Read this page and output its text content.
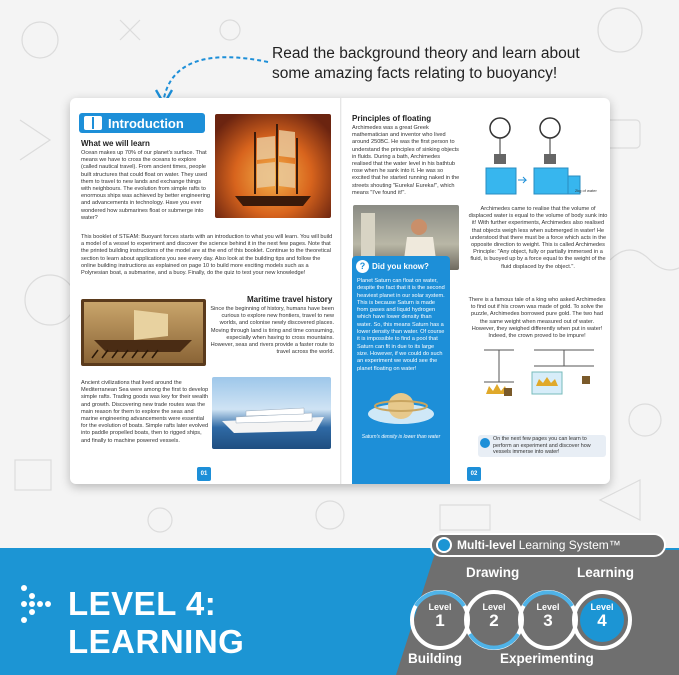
Read the background theory and learn about some amazing facts relating to buoyancy!
Introduction
What we will learn
Ocean makes up 70% of our planet's surface. That means we have to cross the oceans to explore (called nautical travel). From ancient times, people built structures that could float on water. They used them to travel to new lands and exchange things with neighbours. The evolution from simple rafts to enormous ships was achieved by better engineering and advancements in technology. Have you ever wondered how submarines float or submerge into water?
This booklet of STEAM: Buoyant forces starts with an introduction to what you will learn. You will build a model of a vessel to experiment and discover the science behind it in the next few pages. Note that the printed building instructions of the model are at the end of this booklet. Continue to the theoretical section to learn about applications you see every day. Also look at the building tips and follow the online building instructions as explained on page 10 to build more exciting models such as a Polynesian boat, a submarine, and a buoy. Finally, do the quiz to test your new knowledge!
Maritime travel history
Since the beginning of history, humans have been curious to explore new frontiers, travel to new worlds, and colonise newly discovered places. Moving through land is tiring and time consuming, especially when having to cross mountains. However, seas and rivers provide a faster route to travel across the world.
Ancient civilizations that lived around the Mediterranean Sea were among the first to develop simple rafts. Trading goods was key for their wealth and growth. Discovering new trade routes was the main reason for them to explore the seas and marine engineering advancements were essential for the evolution of boats. Simple rafts later evolved into paddle propelled boats, then to rigged ships, and finally to machine powered vessels.
01
Principles of floating
Archimedes was a great Greek mathematician and inventor who lived around 250BC. He was the first person to understand the principles of sinking objects in fluids. During a bath, Archimedes realised that the water level in his bathtub rose when he sank into it. He was so excited that he started running naked in the streets shouting "Eureka! Eureka!", which means "I've found it!".
? Did you know?
Planet Saturn can float on water, despite the fact that it is the second heaviest planet in our solar system. This is because Saturn is made from gases and liquid hydrogen which have lower density than water. So, this means Saturn has a lower density than water. Of course it is impossible to find a pool that Saturn can fit in due to its large size. However, if we could do such an experiment we would see the planet floating on water!
Saturn's density is lower than water
2kg of water
Archimedes came to realise that the volume of displaced water is equal to the volume of body sunk into it! With further experiments, Archimedes also realised that objects weigh less when submerged in water! He understood that there must be a force which acts in the opposite direction to weight. This is called Archimedes Principle: "Any object, fully or partially immersed in a fluid, is buoyed up by a force equal to the weight of the fluid displaced by the object.".
There is a famous tale of a king who asked Archimedes to find out if his crown was made of gold. To solve the puzzle, Archimedes borrowed pure gold. The two had the same weight when measured out of water. However, they weighed differently when put in water! Indeed, the crown proved to be impure!
On the next few pages you can learn to perform an experiment and discover how vessels immerse into water!
02
LEVEL 4:
LEARNING
Multi-level Learning System™
Drawing	Learning
Building	Experimenting
Level
1
Level
2
Level
3
Level
4
